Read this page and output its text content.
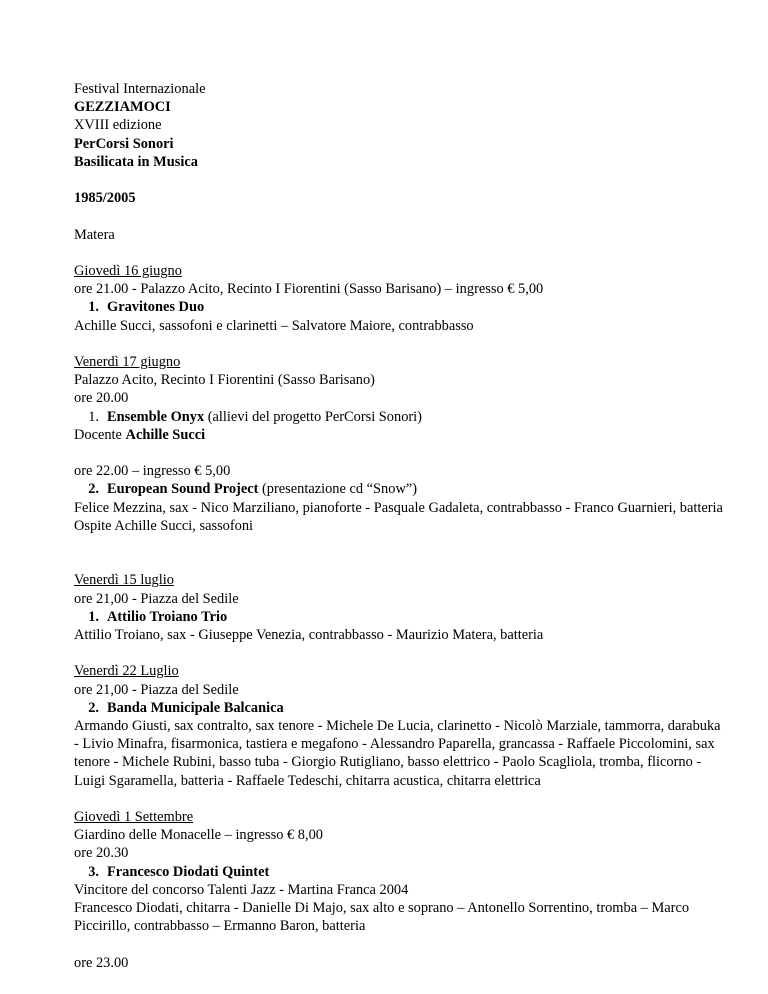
Festival Internazionale
GEZZIAMOCI
XVIII edizione
PerCorsi Sonori
Basilicata in Musica
1985/2005
Matera
Giovedì 16 giugno
ore 21.00 - Palazzo Acito, Recinto I Fiorentini (Sasso Barisano) – ingresso € 5,00
1. Gravitones Duo
Achille Succi, sassofoni e clarinetti – Salvatore Maiore, contrabbasso
Venerdì 17 giugno
Palazzo Acito, Recinto I Fiorentini (Sasso Barisano)
ore 20.00
1. Ensemble Onyx (allievi del progetto PerCorsi Sonori)
Docente Achille Succi
ore 22.00 – ingresso € 5,00
2. European Sound Project (presentazione cd “Snow”)
Felice Mezzina, sax - Nico Marziliano, pianoforte - Pasquale Gadaleta, contrabbasso - Franco Guarnieri, batteria
Ospite Achille Succi, sassofoni
Venerdì 15 luglio
ore 21,00 - Piazza del Sedile
1. Attilio Troiano Trio
Attilio Troiano, sax - Giuseppe Venezia, contrabbasso - Maurizio Matera, batteria
Venerdì 22 Luglio
ore 21,00 - Piazza del Sedile
2. Banda Municipale Balcanica
Armando Giusti, sax contralto, sax tenore - Michele De Lucia, clarinetto - Nicolò Marziale, tammorra, darabuka - Livio Minafra, fisarmonica, tastiera e megafono - Alessandro Paparella, grancassa - Raffaele Piccolomini, sax tenore - Michele Rubini, basso tuba - Giorgio Rutigliano, basso elettrico - Paolo Scagliola, tromba, flicorno - Luigi Sgaramella, batteria - Raffaele Tedeschi, chitarra acustica, chitarra elettrica
Giovedì 1 Settembre
Giardino delle Monacelle – ingresso € 8,00
ore 20.30
3. Francesco Diodati Quintet
Vincitore del concorso Talenti Jazz - Martina Franca 2004
Francesco Diodati, chitarra - Danielle Di Majo, sax alto e soprano – Antonello Sorrentino, tromba – Marco Piccirillo, contrabbasso – Ermanno Baron, batteria
ore 23.00
